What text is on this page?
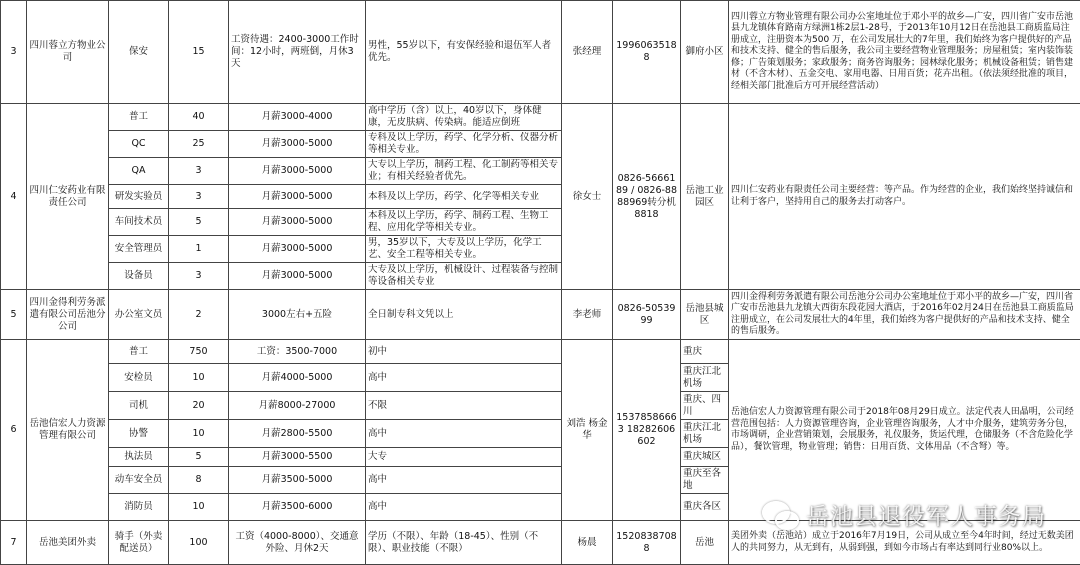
3	四川蓉立方物业公司	保安	15	工资待遇：2400-3000工作时间：12小时，两班倒，月休3天	男性，55岁以下，有安保经验和退伍军人者优先。	张经理	19960635188	御府小区	四川蓉立方物业管理有限公司办公室地址位于邓小平的故乡—广安，四川省广安市岳池县九龙镇体育路南方绿洲1栋2层1-28号，于2013年10月12日在岳池县工商质监局注册成立，注册资本为500 万，在公司发展壮大的7年里，我们始终为客户提供好的产品和技术支持、健全的售后服务，我公司主要经营物业管理服务；房屋租赁；室内装饰装修；广告策划服务；家政服务；商务咨询服务；园林绿化服务；机械设备租赁；销售建材（不含木材）、五金交电、家用电器、日用百货；花卉出租。（依法须经批准的项目，经相关部门批准后方可开展经营活动）
4	四川仁安药业有限责任公司	普工	40	月薪3000-4000	高中学历（含）以上，40岁以下，身体健康，无皮肤病、传染病。能适应倒班	徐女士	0826-5666189 / 0826-8888969转分机8818	岳池工业园区	四川仁安药业有限责任公司主要经营：等产品。作为经营的企业，我们始终坚持诚信和让利于客户，坚持用自己的服务去打动客户。
		QC	25	月薪3000-5000	专科及以上学历，药学、化学分析、仪器分析等相关专业。				

		QA	3	月薪3000-5000	大专以上学历，制药工程、化工制药等相关专业；有相关经验者优先。				

		研发实验员	3	月薪3000-5000	本科及以上学历，药学、化学等相关专业				

		车间技术员	5	月薪3000-5000	本科及以上学历，药学、制药工程、生物工程、应用化学等相关专业。				

		安全管理员	1	月薪3000-5000	男，35岁以下，大专及以上学历，化学工艺、安全工程等相关专业。				

		设备员	3	月薪3000-5000	大专及以上学历，机械设计、过程装备与控制等设备相关专业				

5	四川金得利劳务派遣有限公司岳池分公司	办公室文员	2	3000左右+五险	全日制专科文凭以上	李老师	0826-5053999	岳池县城区	四川金得利劳务派遣有限公司岳池分公司办公室地址位于邓小平的故乡—广安，四川省广安市岳池县九龙镇大西街东段花园大酒店，于2016年02月24日在岳池县工商质监局注册成立，在公司发展壮大的4年里，我们始终为客户提供好的产品和技术支持、健全的售后服务。
6	岳池信宏人力资源管理有限公司	普工	750	工资：3500-7000	初中	刘浩 杨金华	15378586663 18282606602	重庆	岳池信宏人力资源管理有限公司于2018年08月29日成立。法定代表人田晶明，公司经营范围包括：人力资源管理咨询，企业管理咨询服务，人才中介服务，建筑劳务分包，市场调研，企业营销策划，会展服务，礼仪服务，货运代理，仓储服务（不含危险化学品），餐饮管理，物业管理；销售：日用百货、文体用品（不含弩）等。
		安检员	10	月薪4000-5000	高中			重庆江北机场	
		司机	20	月薪8000-27000	不限			重庆、四川	
		协警	10	月薪2800-5500	高中			重庆江北机场	
		执法员	5	月薪3000-5500	大专			重庆城区	
		动车安全员	8	月薪3500-5000	高中			重庆至各地	
		消防员	10	月薪3500-6000	高中			重庆各区	
7	岳池美团外卖	骑手（外卖配送员）	100	工资（4000-8000）、交通意外险、月休2天	学历（不限）、年龄（18-45）、性别（不限）、职业技能（不限）	杨晨	15208387088	岳池	美团外卖（岳池站）成立于2016年7月19日，公司从成立至今4年时间，经过无数美团人的共同努力，从无到有，从弱到强，到如今市场占有率达到同行业80%以上。
岳池县退役军人事务局
